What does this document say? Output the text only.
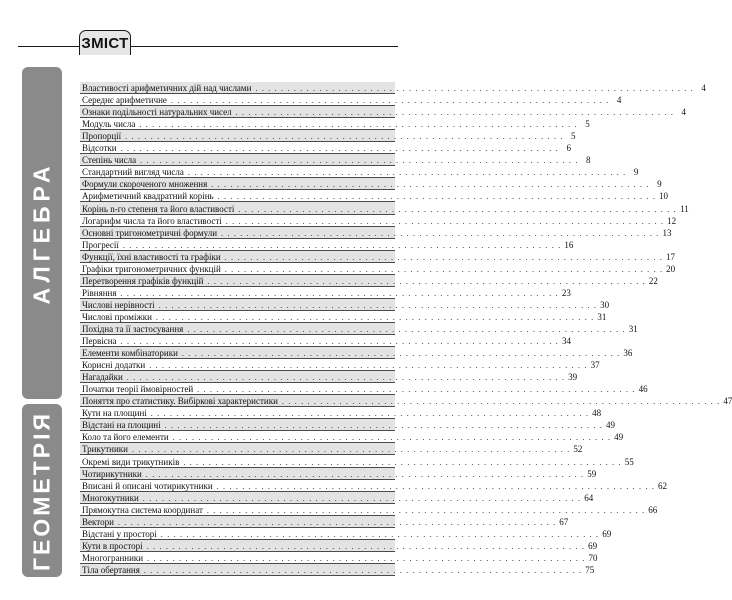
ЗМІСТ
АЛГЕБРА
ГЕОМЕТРІЯ
Властивості арифметичних дій над числами . . . . . . . . . . . . . . . . . . . . . . . . . . . . . . . . . . . . . . . . . . . . . . . . . . . . . . . . . . . . . . . . . . . . . 4
Середнє арифметичне . . . . . . . . . . . . . . . . . . . . . . . . . . . . . . . . . . . . . . . . . . . . . . . . . . . . . . . . . . . . . . . . . . . . . 4
Ознаки подільності натуральних чисел . . . . . . . . . . . . . . . . . . . . . . . . . . . . . . . . . . . . . . . . . . . . . . . . . . . . . . . . . . . . . . . . . . . . . 4
Модуль числа . . . . . . . . . . . . . . . . . . . . . . . . . . . . . . . . . . . . . . . . . . . . . . . . . . . . . . . . . . . . . . . . . . . . . 5
Пропорції . . . . . . . . . . . . . . . . . . . . . . . . . . . . . . . . . . . . . . . . . . . . . . . . . . . . . . . . . . . . . . . . . . . . . 5
Відсотки . . . . . . . . . . . . . . . . . . . . . . . . . . . . . . . . . . . . . . . . . . . . . . . . . . . . . . . . . . . . . . . . . . . . . 6
Степінь числа . . . . . . . . . . . . . . . . . . . . . . . . . . . . . . . . . . . . . . . . . . . . . . . . . . . . . . . . . . . . . . . . . . . . . 8
Стандартний вигляд числа . . . . . . . . . . . . . . . . . . . . . . . . . . . . . . . . . . . . . . . . . . . . . . . . . . . . . . . . . . . . . . . . . . . . . 9
Формули скороченого множення . . . . . . . . . . . . . . . . . . . . . . . . . . . . . . . . . . . . . . . . . . . . . . . . . . . . . . . . . . . . . . . . . . . . . 9
Арифметичний квадратний корінь . . . . . . . . . . . . . . . . . . . . . . . . . . . . . . . . . . . . . . . . . . . . . . . . . . . . . . . . . . . . . . . . . . . . . 10
Корінь n-го степеня та його властивості . . . . . . . . . . . . . . . . . . . . . . . . . . . . . . . . . . . . . . . . . . . . . . . . . . . . . . . . . . . . . . . . . . . . . 11
Логарифм числа та його властивості . . . . . . . . . . . . . . . . . . . . . . . . . . . . . . . . . . . . . . . . . . . . . . . . . . . . . . . . . . . . . . . . . . . . . 12
Основні тригонометричні формули . . . . . . . . . . . . . . . . . . . . . . . . . . . . . . . . . . . . . . . . . . . . . . . . . . . . . . . . . . . . . . . . . . . . . 13
Прогресії . . . . . . . . . . . . . . . . . . . . . . . . . . . . . . . . . . . . . . . . . . . . . . . . . . . . . . . . . . . . . . . . . . . . . 16
Функції, їхні властивості та графіки . . . . . . . . . . . . . . . . . . . . . . . . . . . . . . . . . . . . . . . . . . . . . . . . . . . . . . . . . . . . . . . . . . . . . 17
Графіки тригонометричних функцій . . . . . . . . . . . . . . . . . . . . . . . . . . . . . . . . . . . . . . . . . . . . . . . . . . . . . . . . . . . . . . . . . . . . . 20
Перетворення графіків функцій . . . . . . . . . . . . . . . . . . . . . . . . . . . . . . . . . . . . . . . . . . . . . . . . . . . . . . . . . . . . . . . . . . . . . 22
Рівняння . . . . . . . . . . . . . . . . . . . . . . . . . . . . . . . . . . . . . . . . . . . . . . . . . . . . . . . . . . . . . . . . . . . . . 23
Числові нерівності . . . . . . . . . . . . . . . . . . . . . . . . . . . . . . . . . . . . . . . . . . . . . . . . . . . . . . . . . . . . . . . . . . . . . 30
Числові проміжки . . . . . . . . . . . . . . . . . . . . . . . . . . . . . . . . . . . . . . . . . . . . . . . . . . . . . . . . . . . . . . . . . . . . . 31
Похідна та її застосування . . . . . . . . . . . . . . . . . . . . . . . . . . . . . . . . . . . . . . . . . . . . . . . . . . . . . . . . . . . . . . . . . . . . . 31
Первісна . . . . . . . . . . . . . . . . . . . . . . . . . . . . . . . . . . . . . . . . . . . . . . . . . . . . . . . . . . . . . . . . . . . . . 34
Елементи комбінаторики . . . . . . . . . . . . . . . . . . . . . . . . . . . . . . . . . . . . . . . . . . . . . . . . . . . . . . . . . . . . . . . . . . . . . 36
Корисні додатки . . . . . . . . . . . . . . . . . . . . . . . . . . . . . . . . . . . . . . . . . . . . . . . . . . . . . . . . . . . . . . . . . . . . . 37
Нагадайки . . . . . . . . . . . . . . . . . . . . . . . . . . . . . . . . . . . . . . . . . . . . . . . . . . . . . . . . . . . . . . . . . . . . . 39
Початки теорії ймовірностей . . . . . . . . . . . . . . . . . . . . . . . . . . . . . . . . . . . . . . . . . . . . . . . . . . . . . . . . . . . . . . . . . . . . . 46
Поняття про статистику. Вибіркові характеристики . . . . . . . . . . . . . . . . . . . . . . . . . . . . . . . . . . . . . . . . . . . . . . . . . . . . . . . . . . . . . . . . . . . . . 47
Кути на площині . . . . . . . . . . . . . . . . . . . . . . . . . . . . . . . . . . . . . . . . . . . . . . . . . . . . . . . . . . . . . . . . . . . . . 48
Відстані на площині . . . . . . . . . . . . . . . . . . . . . . . . . . . . . . . . . . . . . . . . . . . . . . . . . . . . . . . . . . . . . . . . . . . . . 49
Коло та його елементи . . . . . . . . . . . . . . . . . . . . . . . . . . . . . . . . . . . . . . . . . . . . . . . . . . . . . . . . . . . . . . . . . . . . . 49
Трикутники . . . . . . . . . . . . . . . . . . . . . . . . . . . . . . . . . . . . . . . . . . . . . . . . . . . . . . . . . . . . . . . . . . . . . 52
Окремі види трикутників . . . . . . . . . . . . . . . . . . . . . . . . . . . . . . . . . . . . . . . . . . . . . . . . . . . . . . . . . . . . . . . . . . . . . 55
Чотирикутники . . . . . . . . . . . . . . . . . . . . . . . . . . . . . . . . . . . . . . . . . . . . . . . . . . . . . . . . . . . . . . . . . . . . . 59
Вписані й описані чотирикутники . . . . . . . . . . . . . . . . . . . . . . . . . . . . . . . . . . . . . . . . . . . . . . . . . . . . . . . . . . . . . . . . . . . . . 62
Многокутники . . . . . . . . . . . . . . . . . . . . . . . . . . . . . . . . . . . . . . . . . . . . . . . . . . . . . . . . . . . . . . . . . . . . . 64
Прямокутна система координат . . . . . . . . . . . . . . . . . . . . . . . . . . . . . . . . . . . . . . . . . . . . . . . . . . . . . . . . . . . . . . . . . . . . . 66
Вектори . . . . . . . . . . . . . . . . . . . . . . . . . . . . . . . . . . . . . . . . . . . . . . . . . . . . . . . . . . . . . . . . . . . . . 67
Відстані у просторі . . . . . . . . . . . . . . . . . . . . . . . . . . . . . . . . . . . . . . . . . . . . . . . . . . . . . . . . . . . . . . . . . . . . . 69
Кути в просторі . . . . . . . . . . . . . . . . . . . . . . . . . . . . . . . . . . . . . . . . . . . . . . . . . . . . . . . . . . . . . . . . . . . . . 69
Многогранники . . . . . . . . . . . . . . . . . . . . . . . . . . . . . . . . . . . . . . . . . . . . . . . . . . . . . . . . . . . . . . . . . . . . . 70
Тіла обертання . . . . . . . . . . . . . . . . . . . . . . . . . . . . . . . . . . . . . . . . . . . . . . . . . . . . . . . . . . . . . . . . . . . . . 75
